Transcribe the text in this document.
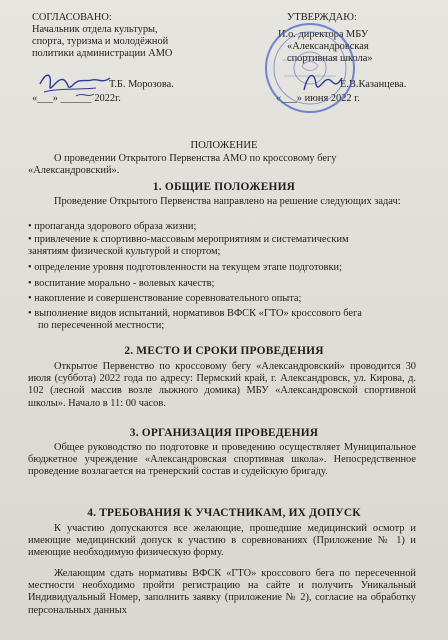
СОГЛАСОВАНО:
Начальник отдела культуры,
спорта, туризма и молодёжной
политики администрации АМО
Т.Б. Морозова.
«___» ______ 2022г.
УТВЕРЖДАЮ:
И.о. директора МБУ
«Александровская
спортивная школа»
Е.В.Казанцева.
«___» июня 2022 г.
ПОЛОЖЕНИЕ
О проведении Открытого Первенства АМО по кроссовому бегу
«Александровский».
1. ОБЩИЕ ПОЛОЖЕНИЯ
Проведение Открытого Первенства направлено на решение следующих задач:
• пропаганда здорового образа жизни;
• привлечение к спортивно-массовым мероприятиям и систематическим
занятиям физической культурой и спортом;
• определение уровня подготовленности на текущем этапе подготовки;
• воспитание морально - волевых качеств;
• накопление и совершенствование соревновательного опыта;
• выполнение видов испытаний, нормативов ВФСК «ГТО» кроссового бега
по пересеченной местности;
2. МЕСТО И СРОКИ ПРОВЕДЕНИЯ
Открытое Первенство по кроссовому бегу «Александровский» проводится 30 июля (суббота) 2022 года по адресу: Пермский край, г. Александровск, ул. Кирова, д. 102 (лесной массив возле лыжного домика) МБУ «Александровской спортивной школы». Начало в 11: 00 часов.
3. ОРГАНИЗАЦИЯ ПРОВЕДЕНИЯ
Общее руководство по подготовке и проведению осуществляет Муниципальное бюджетное учреждение «Александровская спортивная школа». Непосредственное проведение возлагается на тренерский состав и судейскую бригаду.
4. ТРЕБОВАНИЯ К УЧАСТНИКАМ, ИХ ДОПУСК
К участию допускаются все желающие, прошедшие медицинский осмотр и имеющие медицинский допуск к участию в соревнованиях (Приложение № 1) и имеющие необходимую физическую форму.
Желающим сдать нормативы ВФСК «ГТО» кроссового бега по пересеченной местности необходимо пройти регистрацию на сайте и получить Уникальный Индивидуальный Номер, заполнить заявку (приложение № 2), согласие на обработку персональных данных
